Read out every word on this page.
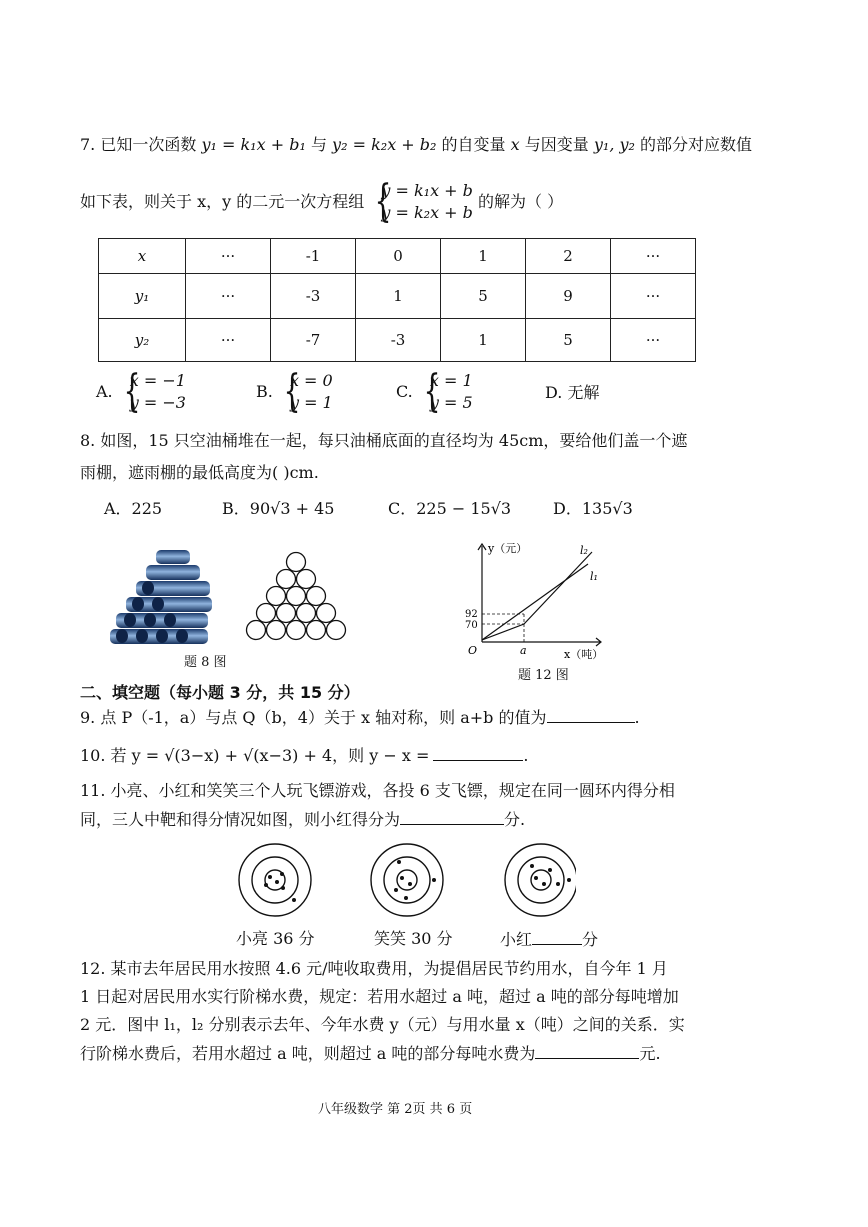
7. 已知一次函数 y₁ = k₁x + b₁ 与 y₂ = k₂x + b₂ 的自变量 x 与因变量 y₁, y₂ 的部分对应数值
如下表，则关于 x，y 的二元一次方程组 {
y = k₁x + b
y = k₂x + b
的解为（ ）
x	···	-1	0	1	2	···
y₁	···	-3	1	5	9	···
y₂	···	-7	-3	1	5	···
A. {
x = −1
y = −3
B. {
x = 0
y = 1
C. {
x = 1
y = 5
D. 无解
8. 如图，15 只空油桶堆在一起，每只油桶底面的直径均为 45cm，要给他们盖一个遮
雨棚，遮雨棚的最低高度为( )cm.
A．225	B．90√3 + 45	C．225 − 15√3	D．135√3
题 8 图
y（元）
x（吨）
O
l₂
l₁
92
70
a
题 12 图
二、填空题（每小题 3 分，共 15 分）
9. 点 P（-1，a）与点 Q（b，4）关于 x 轴对称，则 a+b 的值为	.
10. 若 y = √(3−x) + √(x−3) + 4，则 y − x =	.
11. 小亮、小红和笑笑三个人玩飞镖游戏，各投 6 支飞镖，规定在同一圆环内得分相
同，三人中靶和得分情况如图，则小红得分为	分.
小亮 36 分	笑笑 30 分	小红	分
12. 某市去年居民用水按照 4.6 元/吨收取费用，为提倡居民节约用水，自今年 1 月
1 日起对居民用水实行阶梯水费，规定：若用水超过 a 吨，超过 a 吨的部分每吨增加
2 元．图中 l₁，l₂ 分别表示去年、今年水费 y（元）与用水量 x（吨）之间的关系．实
行阶梯水费后，若用水超过 a 吨，则超过 a 吨的部分每吨水费为	元.
八年级数学 第 2页 共 6 页
